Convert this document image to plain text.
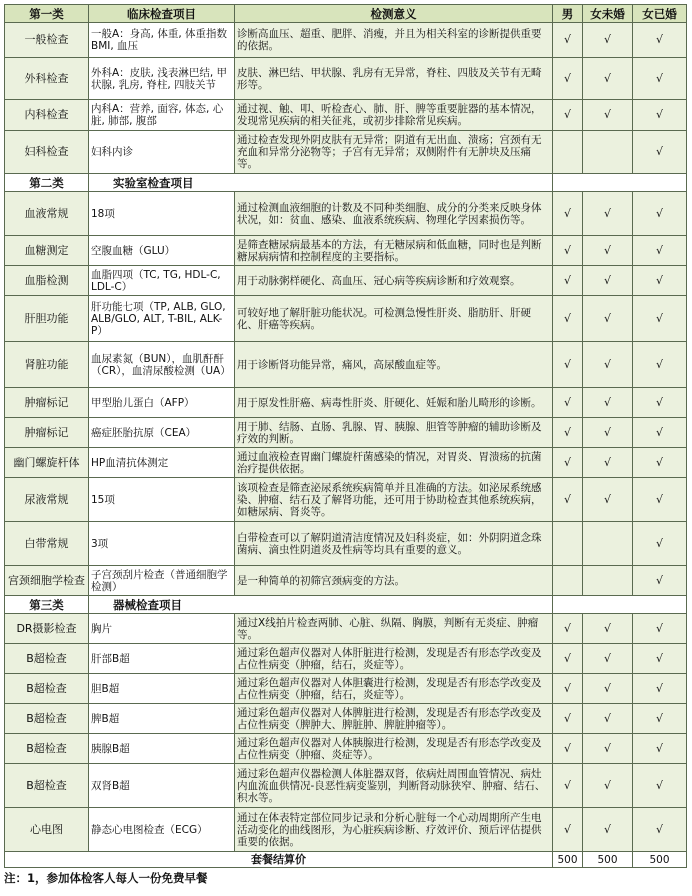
第一类	临床检查项目	检测意义	男	女未婚	女已婚
一般检查	一般A：身高, 体重, 体重指数BMI, 血压	诊断高血压、超重、肥胖、消瘦，并且为相关科室的诊断提供重要的依据。	√	√	√
外科检查	外科A：皮肤, 浅表淋巴结, 甲状腺, 乳房, 脊柱, 四肢关节	皮肤、淋巴结、甲状腺、乳房有无异常，脊柱、四肢及关节有无畸形等。	√	√	√
内科检查	内科A：营养, 面容, 体态, 心脏, 肺部, 腹部	通过视、触、叩、听检查心、肺、肝、脾等重要脏器的基本情况，发现常见疾病的相关征兆，或初步排除常见疾病。	√	√	√
妇科检查	妇科内诊	通过检查发现外阴皮肤有无异常；阴道有无出血、溃疡；宫颈有无充血和异常分泌物等；子宫有无异常；双侧附件有无肿块及压痛等。			√
第二类	实验室检查项目				
血液常规	18项	通过检测血液细胞的计数及不同种类细胞、成分的分类来反映身体状况，如：贫血、感染、血液系统疾病、物理化学因素损伤等。	√	√	√
血糖测定	空腹血糖（GLU）	是筛查糖尿病最基本的方法，有无糖尿病和低血糖，同时也是判断糖尿病病情和控制程度的主要指标。	√	√	√
血脂检测	血脂四项（TC, TG, HDL-C, LDL-C）	用于动脉粥样硬化、高血压、冠心病等疾病诊断和疗效观察。	√	√	√
肝胆功能	肝功能七项（TP, ALB, GLO, ALB/GLO, ALT, T-BIL, ALK-P）	可较好地了解肝脏功能状况。可检测急慢性肝炎、脂肪肝、肝硬化、肝癌等疾病。	√	√	√
肾脏功能	血尿素氮（BUN），血肌酐酐（CR），血清尿酸检测（UA）	用于诊断肾功能异常，痛风，高尿酸血症等。	√	√	√
肿瘤标记	甲型胎儿蛋白（AFP）	用于原发性肝癌、病毒性肝炎、肝硬化、妊娠和胎儿畸形的诊断。	√	√	√
肿瘤标记	癌症胚胎抗原（CEA）	用于肺、结肠、直肠、乳腺、胃、胰腺、胆管等肿瘤的辅助诊断及疗效的判断。	√	√	√
幽门螺旋杆体	HP血清抗体测定	通过血液检查胃幽门螺旋杆菌感染的情况，对胃炎、胃溃疡的抗菌治疗提供依据。	√	√	√
尿液常规	15项	该项检查是筛查泌尿系统疾病简单并且准确的方法。如泌尿系统感染、肿瘤、结石及了解肾功能，还可用于协助检查其他系统疾病，如糖尿病、肾炎等。	√	√	√
白带常规	3项	白带检查可以了解阴道清洁度情况及妇科炎症，如：外阴阴道念珠菌病、滴虫性阴道炎及性病等均具有重要的意义。			√
宫颈细胞学检查	子宫颈刮片检查（普通细胞学检测）	是一种简单的初筛宫颈病变的方法。			√
第三类	器械检查项目				
DR摄影检查	胸片	通过X线拍片检查两肺、心脏、纵隔、胸膜，判断有无炎症、肿瘤等。	√	√	√
B超检查	肝部B超	通过彩色超声仪器对人体肝脏进行检测，发现是否有形态学改变及占位性病变（肿瘤，结石，炎症等）。	√	√	√
B超检查	胆B超	通过彩色超声仪器对人体胆囊进行检测，发现是否有形态学改变及占位性病变（肿瘤，结石，炎症等）。	√	√	√
B超检查	脾B超	通过彩色超声仪器对人体脾脏进行检测，发现是否有形态学改变及占位性病变（脾肿大、脾脏肿、脾脏肿瘤等）。	√	√	√
B超检查	胰腺B超	通过彩色超声仪器对人体胰腺进行检测，发现是否有形态学改变及占位性病变（肿瘤、炎症等）。	√	√	√
B超检查	双肾B超	通过彩色超声仪器检测人体脏器双肾，依病灶周围血管情况、病灶内血流血供情况-良恶性病变鉴别，判断肾动脉狭窄、肿瘤、结石、积水等。	√	√	√
心电图	静态心电图检查（ECG）	通过在体表特定部位同步记录和分析心脏每一个心动周期所产生电活动变化的曲线图形，为心脏疾病诊断、疗效评价、预后评估提供重要的依据。	√	√	√
套餐结算价			500	500	500
注：1，参加体检客人每人一份免费早餐
